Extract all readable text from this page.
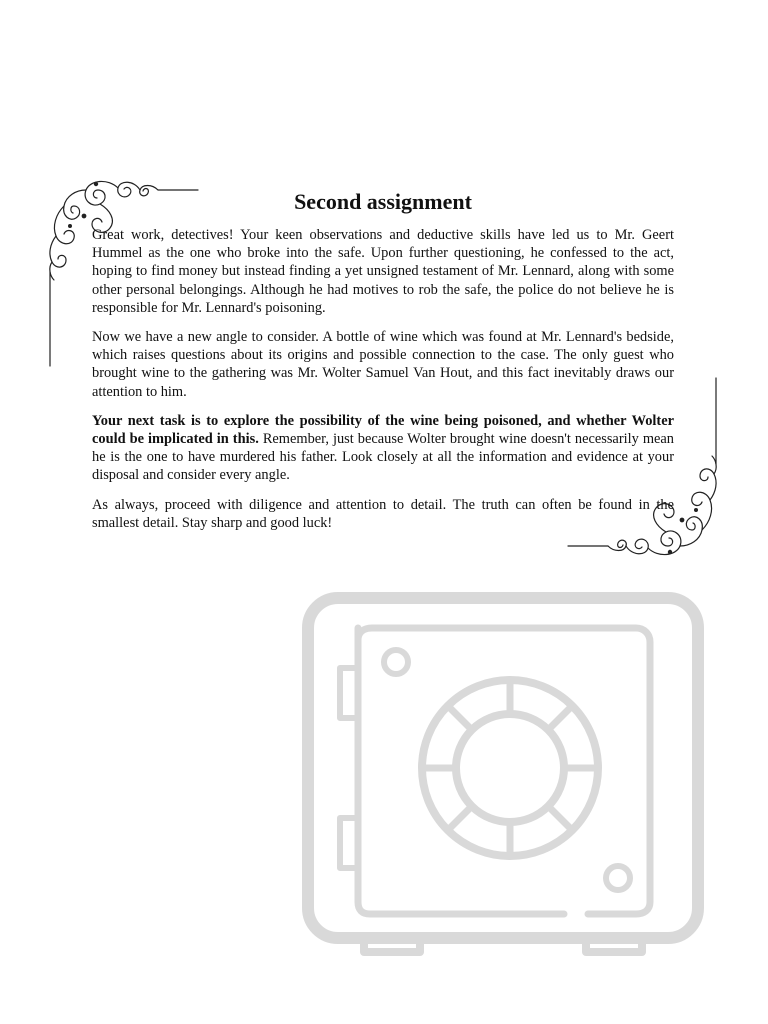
Second assignment

Great work, detectives! Your keen observations and deductive skills have led us to Mr. Geert Hummel as the one who broke into the safe. Upon further questioning, he confessed to the act, hoping to find money but instead finding a yet unsigned testament of Mr. Lennard, along with some other personal belongings. Although he had motives to rob the safe, the police do not believe he is responsible for Mr. Lennard's poisoning.

Now we have a new angle to consider. A bottle of wine which was found at Mr. Lennard's bedside, which raises questions about its origins and possible connection to the case. The only guest who brought wine to the gathering was Mr. Wolter Samuel Van Hout, and this fact inevitably draws our attention to him.

Your next task is to explore the possibility of the wine being poisoned, and whether Wolter could be implicated in this. Remember, just because Wolter brought wine doesn't necessarily mean he is the one to have murdered his father. Look closely at all the information and evidence at your disposal and consider every angle.

As always, proceed with diligence and attention to detail. The truth can often be found in the smallest detail. Stay sharp and good luck!
